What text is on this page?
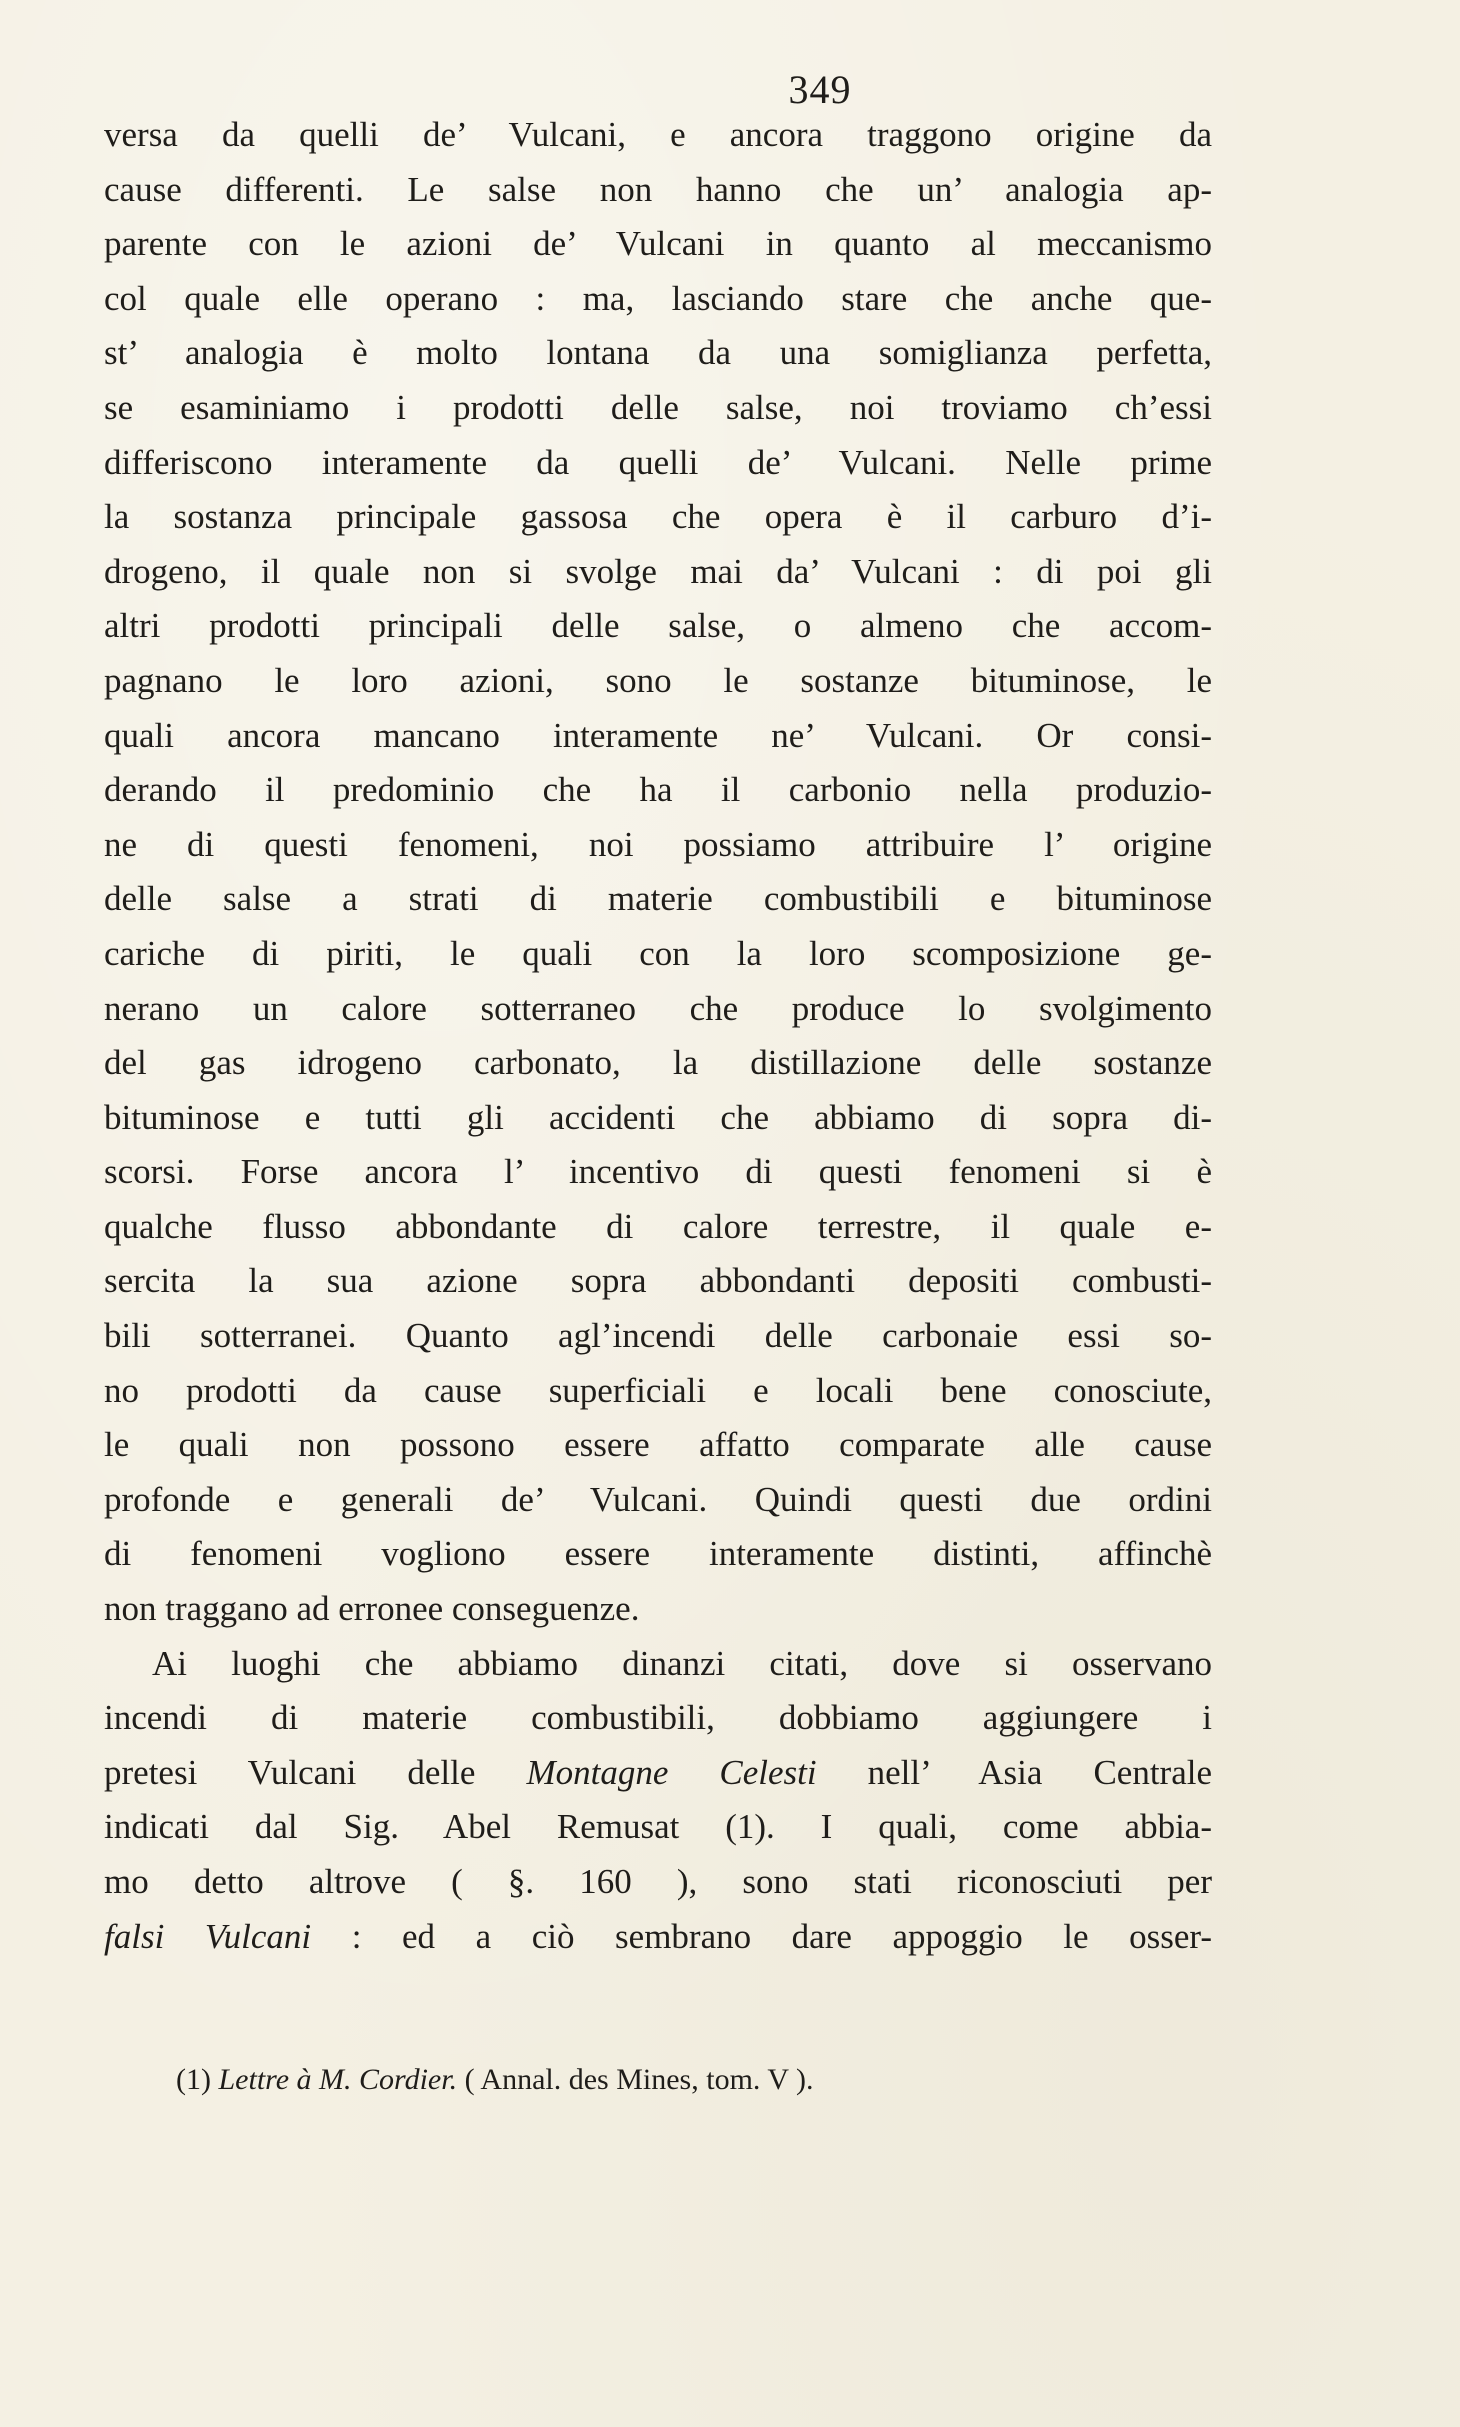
349
versa da quelli de’ Vulcani, e ancora traggono origine da
cause differenti. Le salse non hanno che un’ analogia ap-
parente con le azioni de’ Vulcani in quanto al meccanismo
col quale elle operano : ma, lasciando stare che anche que-
st’ analogia è molto lontana da una somiglianza perfetta,
se esaminiamo i prodotti delle salse, noi troviamo ch’essi
differiscono interamente da quelli de’ Vulcani. Nelle prime
la sostanza principale gassosa che opera è il carburo d’i-
drogeno, il quale non si svolge mai da’ Vulcani : di poi gli
altri prodotti principali delle salse, o almeno che accom-
pagnano le loro azioni, sono le sostanze bituminose, le
quali ancora mancano interamente ne’ Vulcani. Or consi-
derando il predominio che ha il carbonio nella produzio-
ne di questi fenomeni, noi possiamo attribuire l’ origine
delle salse a strati di materie combustibili e bituminose
cariche di piriti, le quali con la loro scomposizione ge-
nerano un calore sotterraneo che produce lo svolgimento
del gas idrogeno carbonato, la distillazione delle sostanze
bituminose e tutti gli accidenti che abbiamo di sopra di-
scorsi. Forse ancora l’ incentivo di questi fenomeni si è
qualche flusso abbondante di calore terrestre, il quale e-
sercita la sua azione sopra abbondanti depositi combusti-
bili sotterranei. Quanto agl’incendi delle carbonaie essi so-
no prodotti da cause superficiali e locali bene conosciute,
le quali non possono essere affatto comparate alle cause
profonde e generali de’ Vulcani. Quindi questi due ordini
di fenomeni vogliono essere interamente distinti, affinchè
non traggano ad erronee conseguenze.
Ai luoghi che abbiamo dinanzi citati, dove si osservano
incendi di materie combustibili, dobbiamo aggiungere i
pretesi Vulcani delle Montagne Celesti nell’ Asia Centrale
indicati dal Sig. Abel Remusat (1). I quali, come abbia-
mo detto altrove ( §. 160 ), sono stati riconosciuti per
falsi Vulcani : ed a ciò sembrano dare appoggio le osser-
(1) Lettre à M. Cordier. ( Annal. des Mines, tom. V ).
